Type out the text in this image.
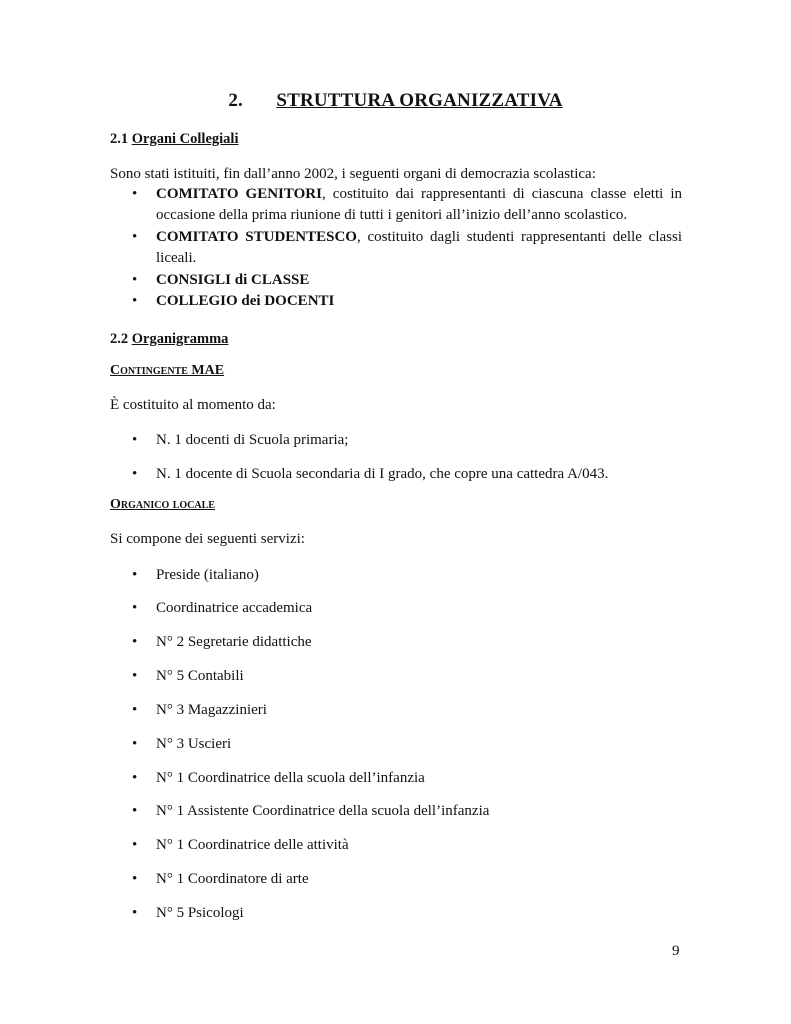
2. STRUTTURA ORGANIZZATIVA
2.1 Organi Collegiali
Sono stati istituiti, fin dall’anno 2002, i seguenti organi di democrazia scolastica:
• COMITATO GENITORI, costituito dai rappresentanti di ciascuna classe eletti in occasione della prima riunione di tutti i genitori all’inizio dell’anno scolastico.
• COMITATO STUDENTESCO, costituito dagli studenti rappresentanti delle classi liceali.
• CONSIGLI di CLASSE
• COLLEGIO dei DOCENTI
2.2 Organigramma
Contingente MAE
È costituito al momento da:
• N. 1 docenti di Scuola primaria;
• N. 1 docente di Scuola secondaria di I grado, che copre una cattedra A/043.
Organico locale
Si compone dei seguenti servizi:
• Preside (italiano)
• Coordinatrice accademica
• N° 2 Segretarie didattiche
• N° 5 Contabili
• N° 3 Magazzinieri
• N° 3 Uscieri
• N° 1 Coordinatrice della scuola dell’infanzia
• N° 1 Assistente Coordinatrice della scuola dell’infanzia
• N° 1 Coordinatrice delle attività
• N° 1 Coordinatore di arte
• N° 5 Psicologi
9
